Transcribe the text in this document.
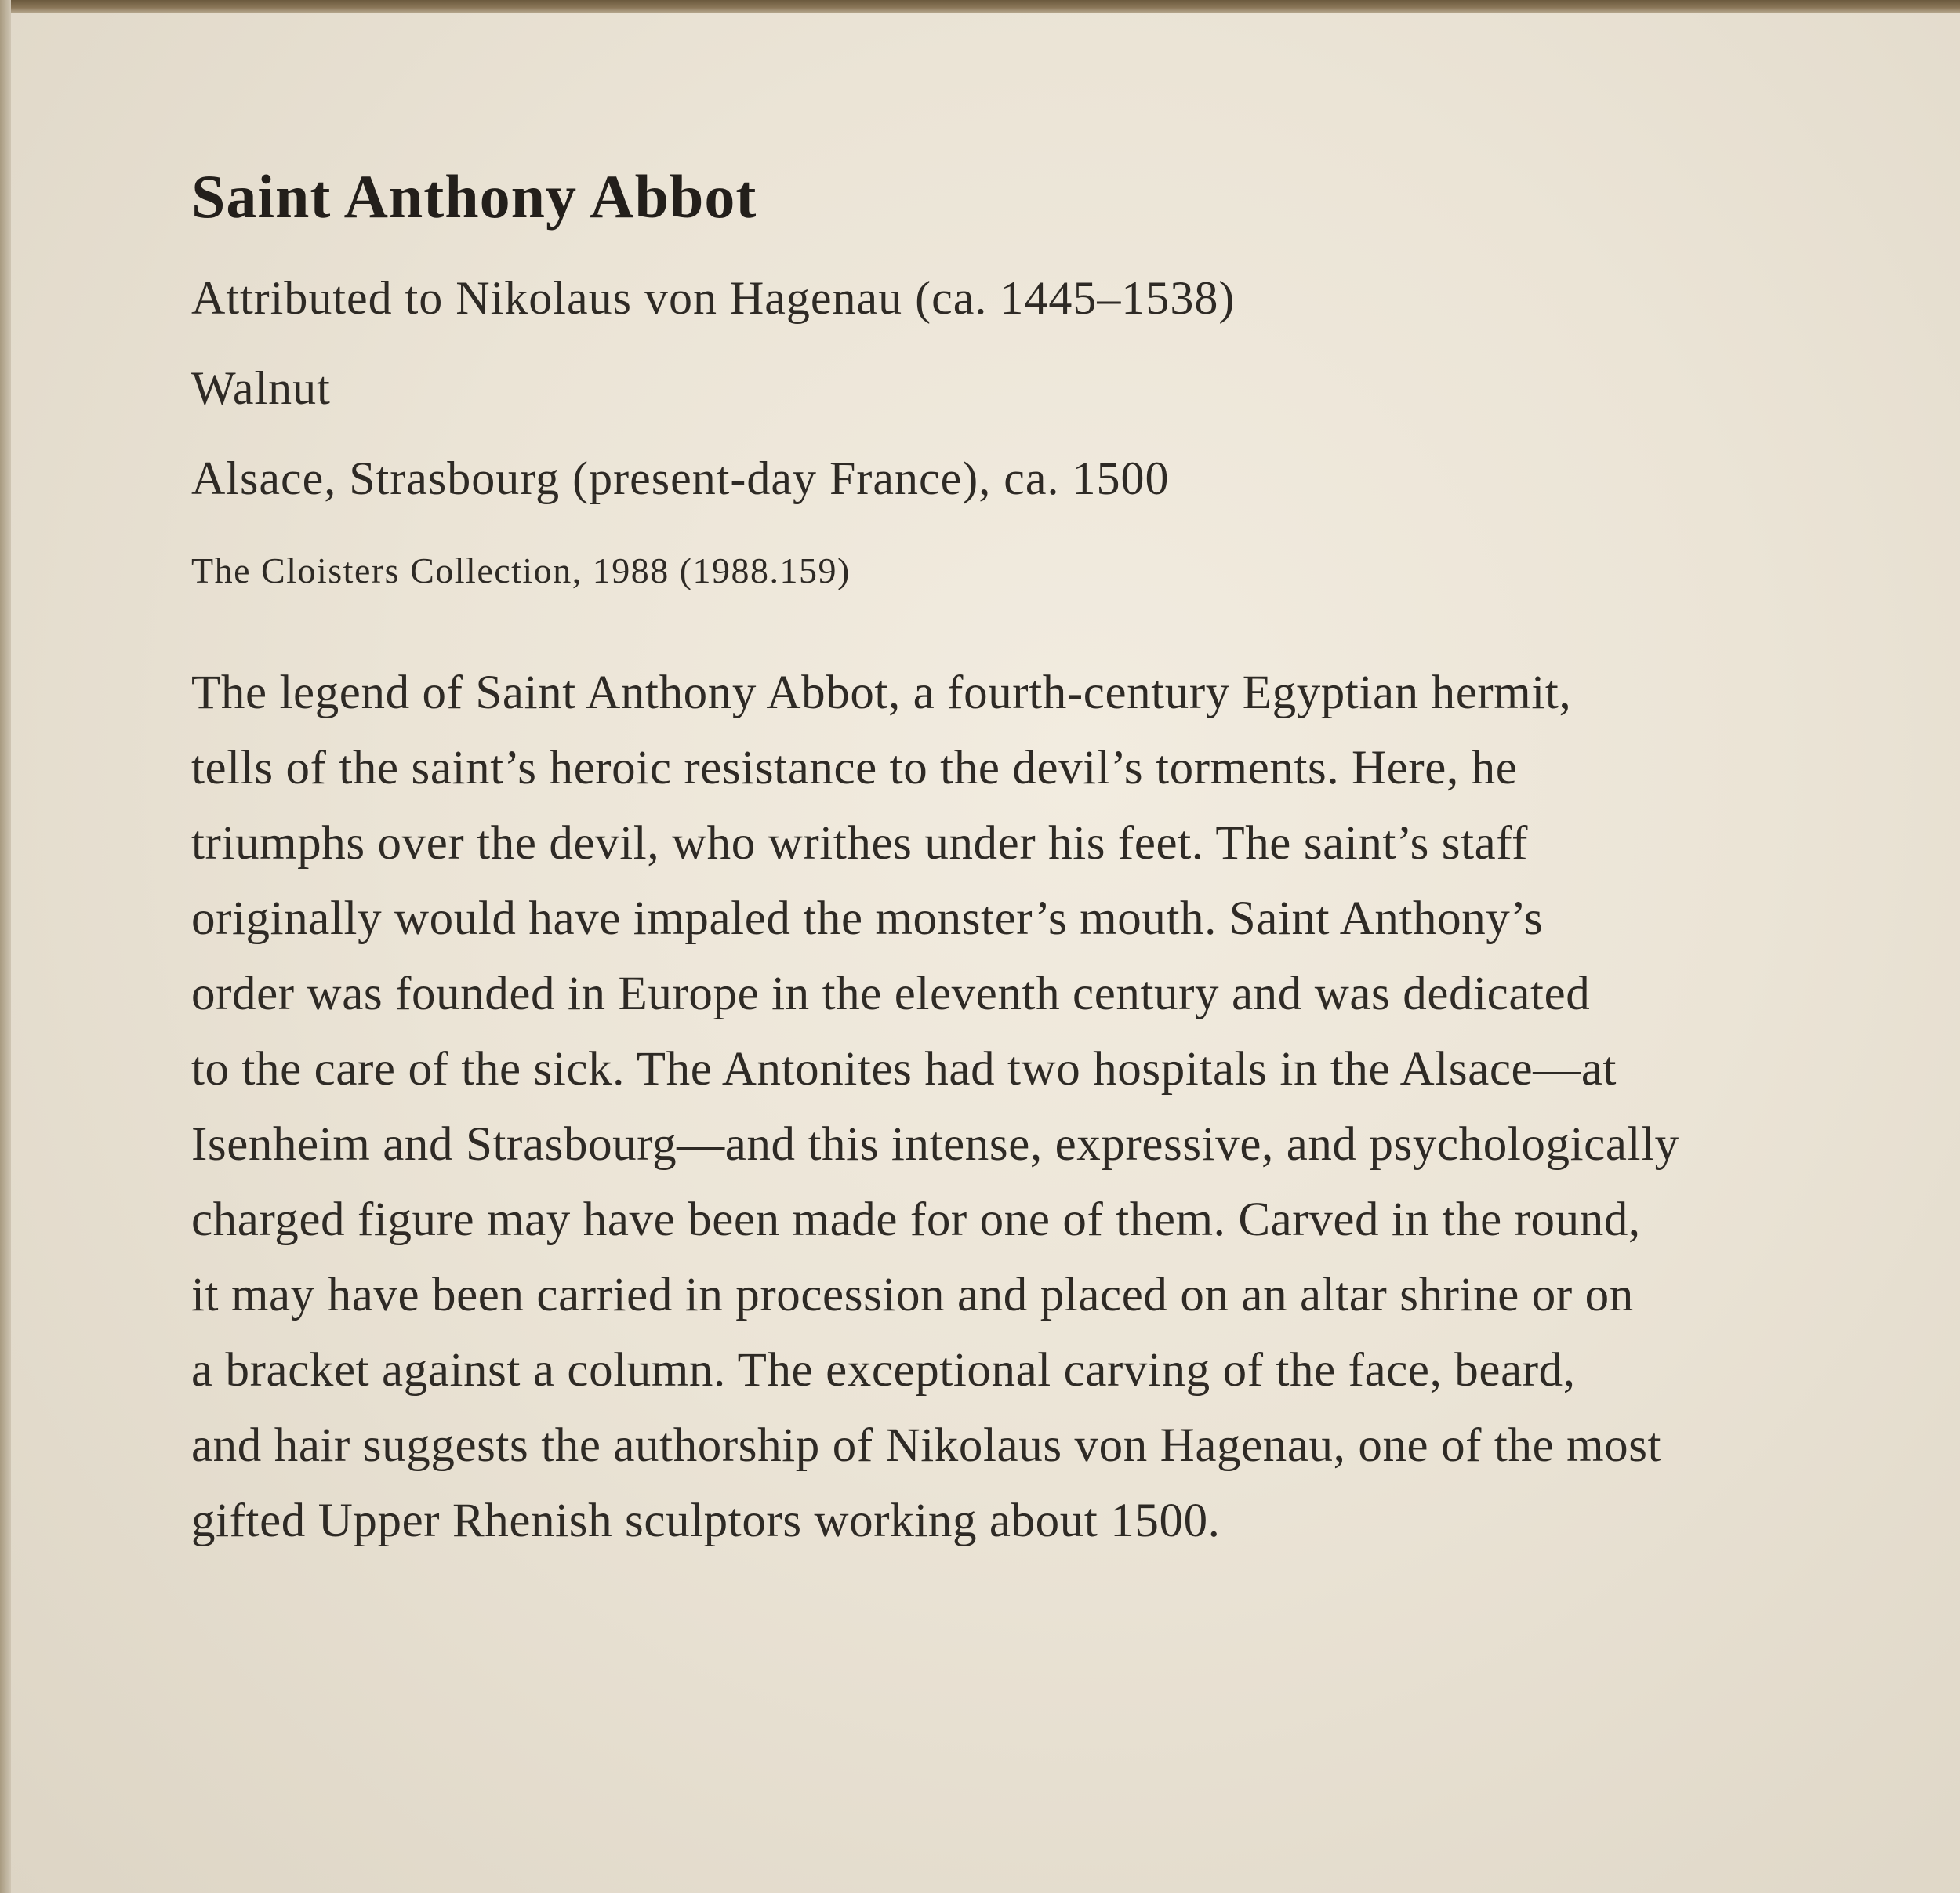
Saint Anthony Abbot

Attributed to Nikolaus von Hagenau (ca. 1445–1538)

Walnut

Alsace, Strasbourg (present-day France), ca. 1500

The Cloisters Collection, 1988 (1988.159)

The legend of Saint Anthony Abbot, a fourth-century Egyptian hermit,
tells of the saint’s heroic resistance to the devil’s torments. Here, he
triumphs over the devil, who writhes under his feet. The saint’s staff
originally would have impaled the monster’s mouth. Saint Anthony’s
order was founded in Europe in the eleventh century and was dedicated
to the care of the sick. The Antonites had two hospitals in the Alsace—at
Isenheim and Strasbourg—and this intense, expressive, and psychologically
charged figure may have been made for one of them. Carved in the round,
it may have been carried in procession and placed on an altar shrine or on
a bracket against a column. The exceptional carving of the face, beard,
and hair suggests the authorship of Nikolaus von Hagenau, one of the most
gifted Upper Rhenish sculptors working about 1500.
